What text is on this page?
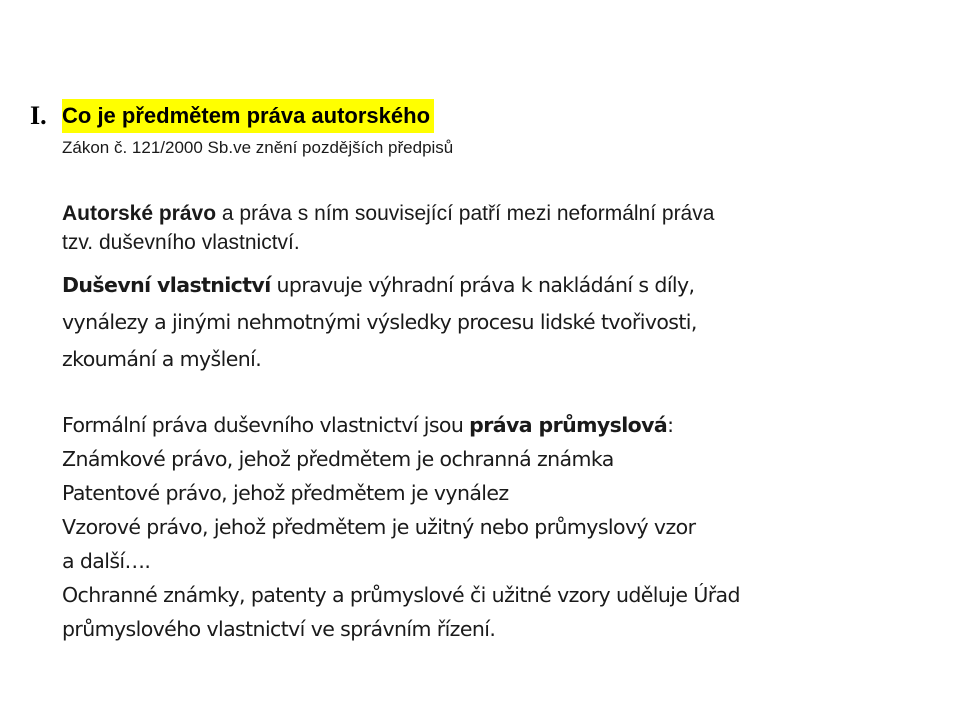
I. Co je předmětem práva autorského
Zákon č. 121/2000 Sb.ve znění pozdějších předpisů
Autorské právo a práva s ním související patří mezi neformální práva
tzv. duševního vlastnictví.
Duševní vlastnictví upravuje výhradní práva k nakládání s díly,
vynálezy a jinými nehmotnými výsledky procesu lidské tvořivosti,
zkoumání a myšlení.
Formální práva duševního vlastnictví jsou práva průmyslová:
Známkové právo, jehož předmětem je ochranná známka
Patentové právo, jehož předmětem je vynález
Vzorové právo, jehož předmětem je užitný nebo průmyslový vzor
a další….
Ochranné známky, patenty a průmyslové či užitné vzory uděluje Úřad
průmyslového vlastnictví ve správním řízení.
